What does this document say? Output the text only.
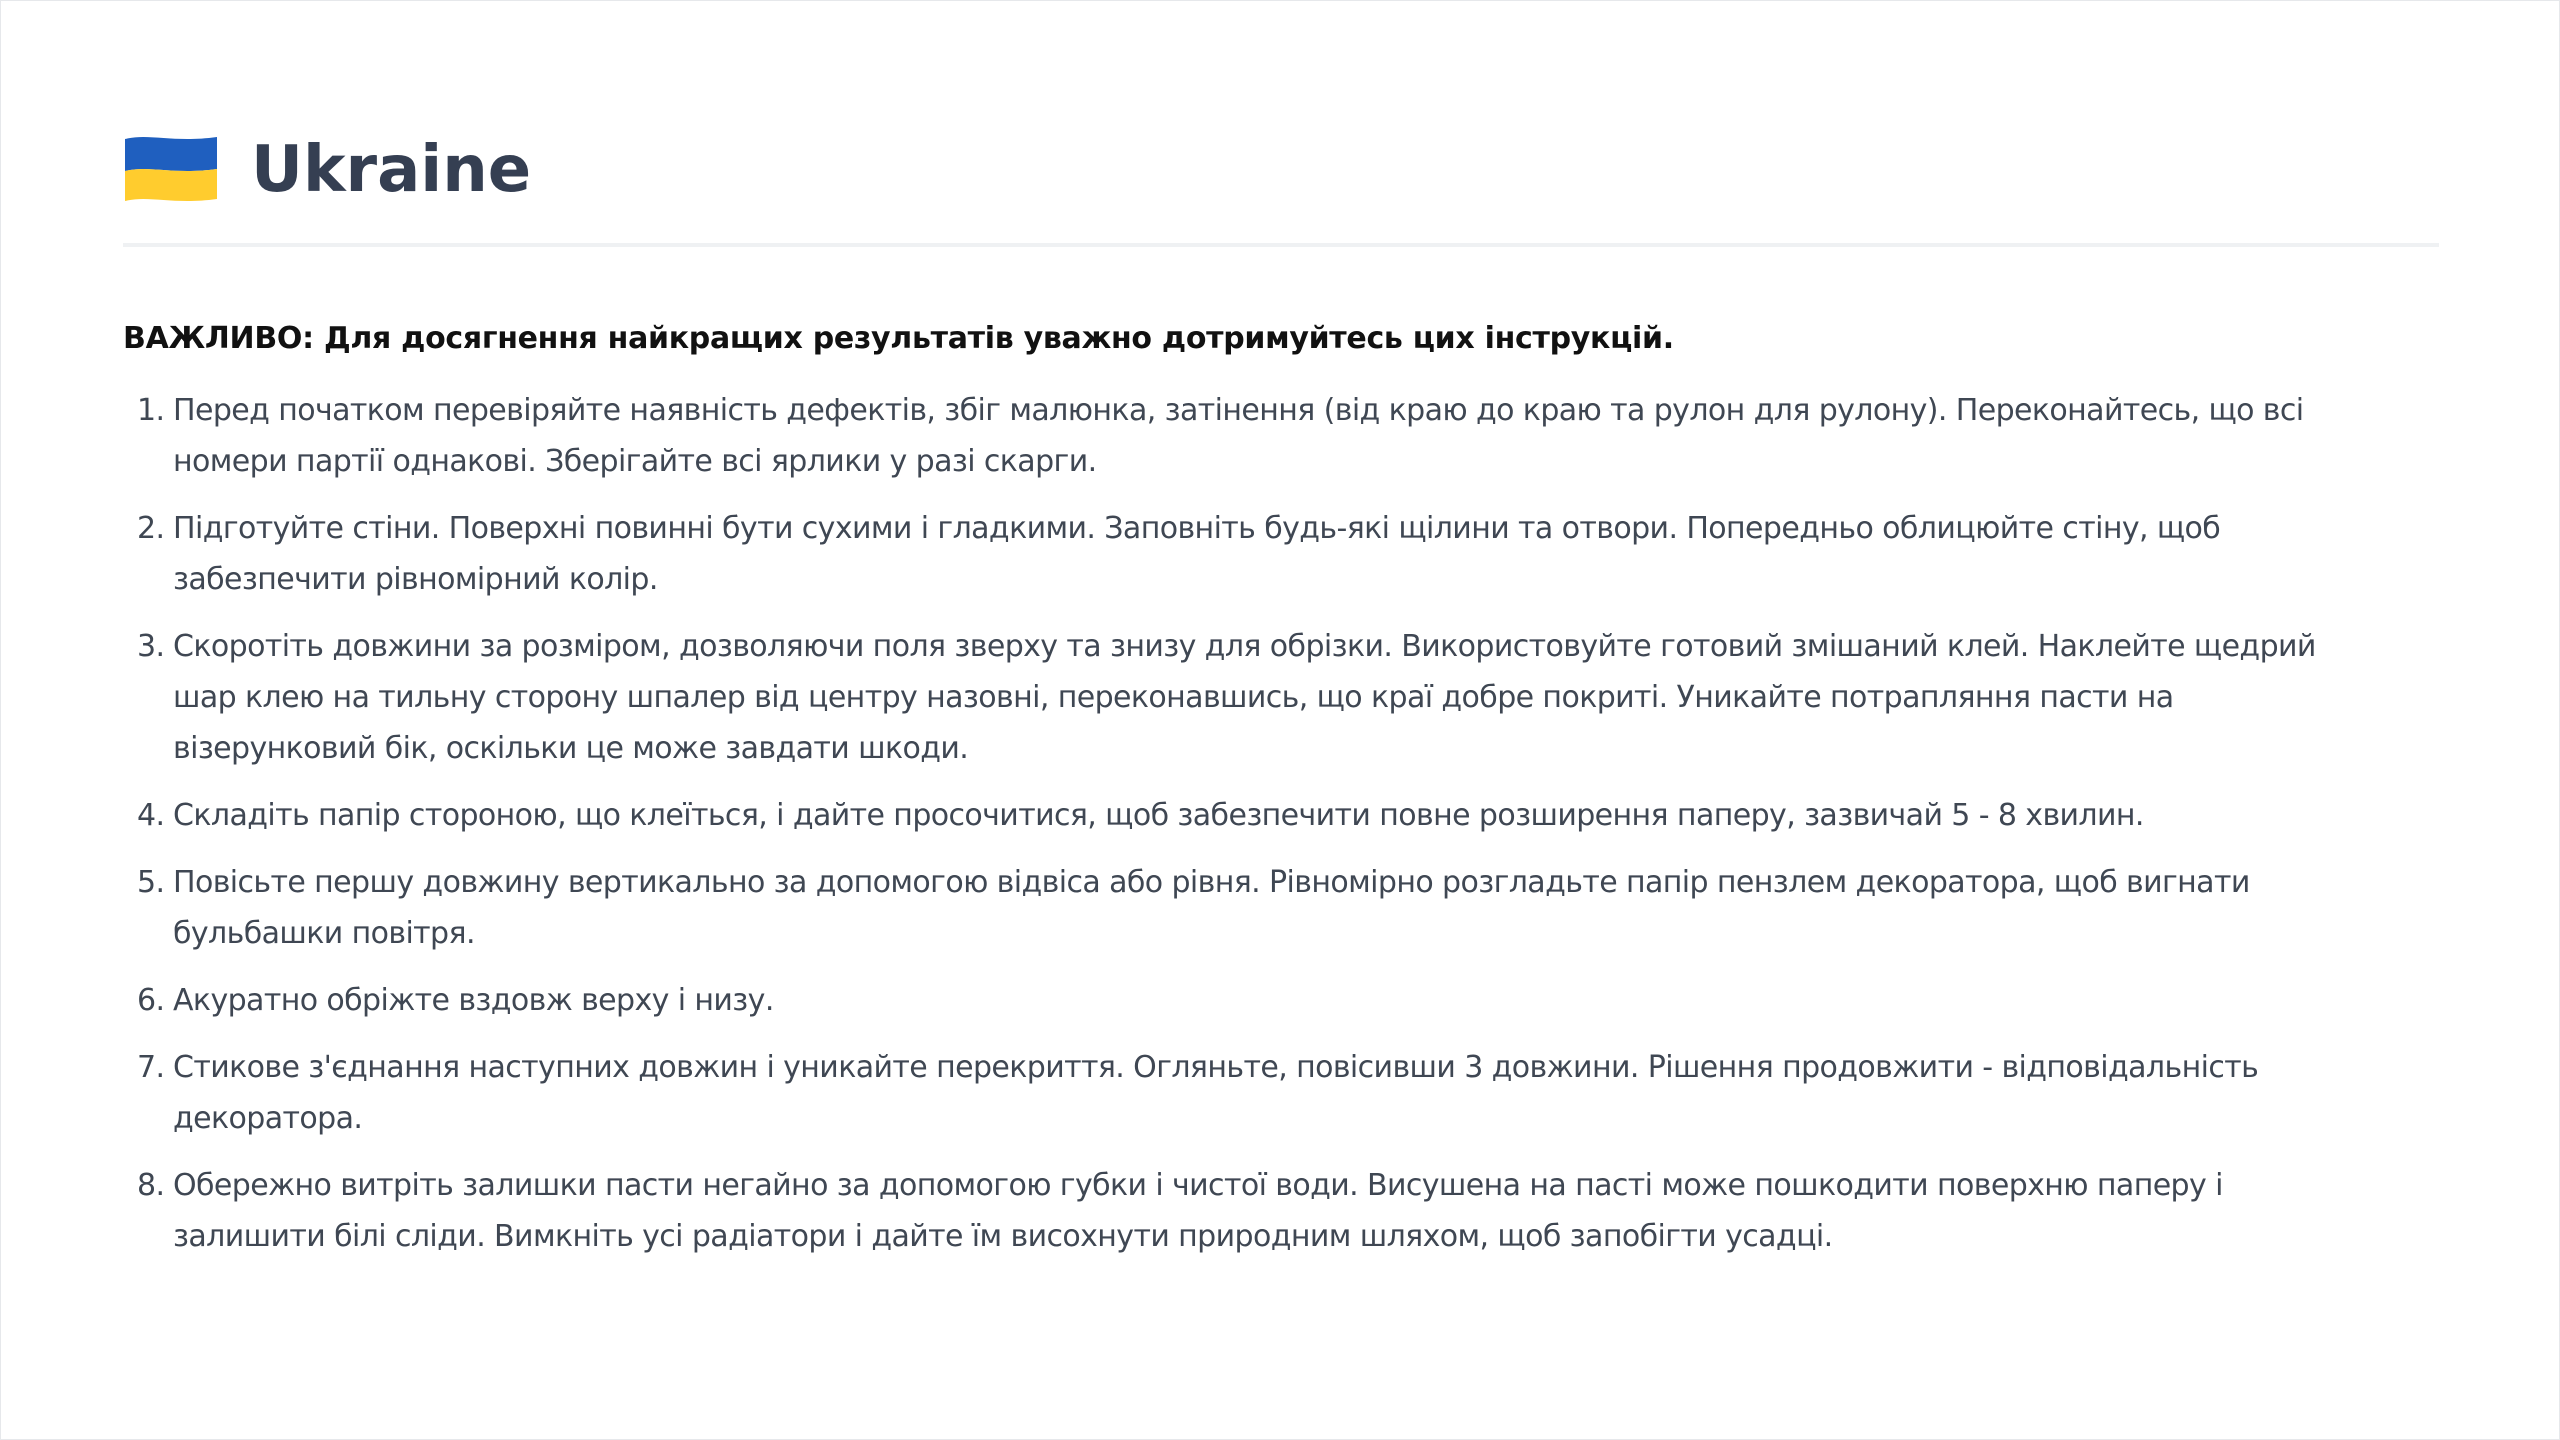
Ukraine

ВАЖЛИВО: Для досягнення найкращих результатів уважно дотримуйтесь цих інструкцій.

1. Перед початком перевіряйте наявність дефектів, збіг малюнка, затінення (від краю до краю та рулон для рулону). Переконайтесь, що всі номери партії однакові. Зберігайте всі ярлики у разі скарги.
2. Підготуйте стіни. Поверхні повинні бути сухими і гладкими. Заповніть будь-які щілини та отвори. Попередньо облицюйте стіну, щоб забезпечити рівномірний колір.
3. Скоротіть довжини за розміром, дозволяючи поля зверху та знизу для обрізки. Використовуйте готовий змішаний клей. Наклейте щедрий шар клею на тильну сторону шпалер від центру назовні, переконавшись, що краї добре покриті. Уникайте потрапляння пасти на візерунковий бік, оскільки це може завдати шкоди.
4. Складіть папір стороною, що клеїться, і дайте просочитися, щоб забезпечити повне розширення паперу, зазвичай 5 - 8 хвилин.
5. Повісьте першу довжину вертикально за допомогою відвіса або рівня. Рівномірно розгладьте папір пензлем декоратора, щоб вигнати бульбашки повітря.
6. Акуратно обріжте вздовж верху і низу.
7. Стикове з'єднання наступних довжин і уникайте перекриття. Огляньте, повісивши 3 довжини. Рішення продовжити - відповідальність декоратора.
8. Обережно витріть залишки пасти негайно за допомогою губки і чистої води. Висушена на пасті може пошкодити поверхню паперу і залишити білі сліди. Вимкніть усі радіатори і дайте їм висохнути природним шляхом, щоб запобігти усадці.
